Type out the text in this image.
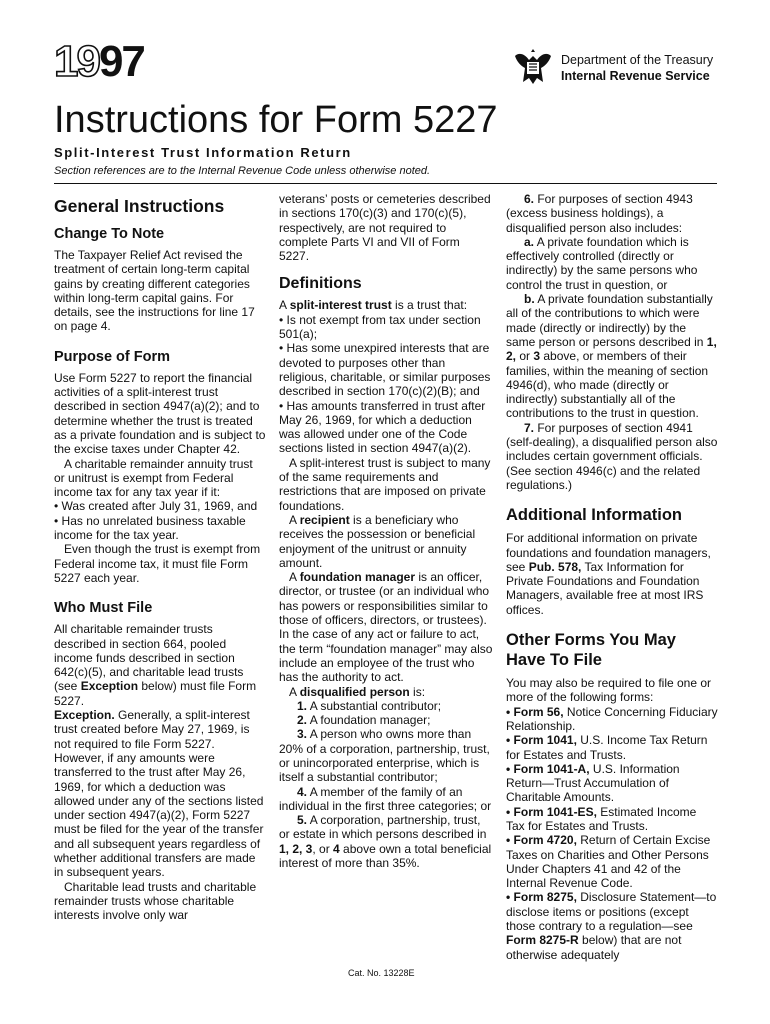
1997	Department of the Treasury
Internal Revenue Service
Instructions for Form 5227
Split-Interest Trust Information Return
Section references are to the Internal Revenue Code unless otherwise noted.
General Instructions
Change To Note

The Taxpayer Relief Act revised the treatment of certain long-term capital gains by creating different categories within long-term capital gains. For details, see the instructions for line 17 on page 4.

Purpose of Form

Use Form 5227 to report the financial activities of a split-interest trust described in section 4947(a)(2); and to determine whether the trust is treated as a private foundation and is subject to the excise taxes under Chapter 42.

A charitable remainder annuity trust or unitrust is exempt from Federal income tax for any tax year if it:

• Was created after July 31, 1969, and

• Has no unrelated business taxable income for the tax year.

Even though the trust is exempt from Federal income tax, it must file Form 5227 each year.

Who Must File

All charitable remainder trusts described in section 664, pooled income funds described in section 642(c)(5), and charitable lead trusts (see Exception below) must file Form 5227.

Exception. Generally, a split-interest trust created before May 27, 1969, is not required to file Form 5227. However, if any amounts were transferred to the trust after May 26, 1969, for which a deduction was allowed under any of the sections listed under section 4947(a)(2), Form 5227 must be filed for the year of the transfer and all subsequent years regardless of whether additional transfers are made in subsequent years.

Charitable lead trusts and charitable remainder trusts whose charitable interests involve only war

veterans’ posts or cemeteries described in sections 170(c)(3) and 170(c)(5), respectively, are not required to complete Parts VI and VII of Form 5227.

Definitions

A split-interest trust is a trust that:

• Is not exempt from tax under section 501(a);

• Has some unexpired interests that are devoted to purposes other than religious, charitable, or similar purposes described in section 170(c)(2)(B); and

• Has amounts transferred in trust after May 26, 1969, for which a deduction was allowed under one of the Code sections listed in section 4947(a)(2).

A split-interest trust is subject to many of the same requirements and restrictions that are imposed on private foundations.

A recipient is a beneficiary who receives the possession or beneficial enjoyment of the unitrust or annuity amount.

A foundation manager is an officer, director, or trustee (or an individual who has powers or responsibilities similar to those of officers, directors, or trustees). In the case of any act or failure to act, the term “foundation manager” may also include an employee of the trust who has the authority to act.

A disqualified person is:

1. A substantial contributor;

2. A foundation manager;

3. A person who owns more than 20% of a corporation, partnership, trust, or unincorporated enterprise, which is itself a substantial contributor;

4. A member of the family of an individual in the first three categories; or

5. A corporation, partnership, trust, or estate in which persons described in 1, 2, 3, or 4 above own a total beneficial interest of more than 35%.

6. For purposes of section 4943 (excess business holdings), a disqualified person also includes:

a. A private foundation which is effectively controlled (directly or indirectly) by the same persons who control the trust in question, or

b. A private foundation substantially all of the contributions to which were made (directly or indirectly) by the same person or persons described in 1, 2, or 3 above, or members of their families, within the meaning of section 4946(d), who made (directly or indirectly) substantially all of the contributions to the trust in question.

7. For purposes of section 4941 (self-dealing), a disqualified person also includes certain government officials. (See section 4946(c) and the related regulations.)

Additional Information

For additional information on private foundations and foundation managers, see Pub. 578, Tax Information for Private Foundations and Foundation Managers, available free at most IRS offices.

Other Forms You May Have To File

You may also be required to file one or more of the following forms:

• Form 56, Notice Concerning Fiduciary Relationship.

• Form 1041, U.S. Income Tax Return for Estates and Trusts.

• Form 1041-A, U.S. Information Return—Trust Accumulation of Charitable Amounts.

• Form 1041-ES, Estimated Income Tax for Estates and Trusts.

• Form 4720, Return of Certain Excise Taxes on Charities and Other Persons Under Chapters 41 and 42 of the Internal Revenue Code.

• Form 8275, Disclosure Statement—to disclose items or positions (except those contrary to a regulation—see Form 8275-R below) that are not otherwise adequately

Cat. No. 13228E
